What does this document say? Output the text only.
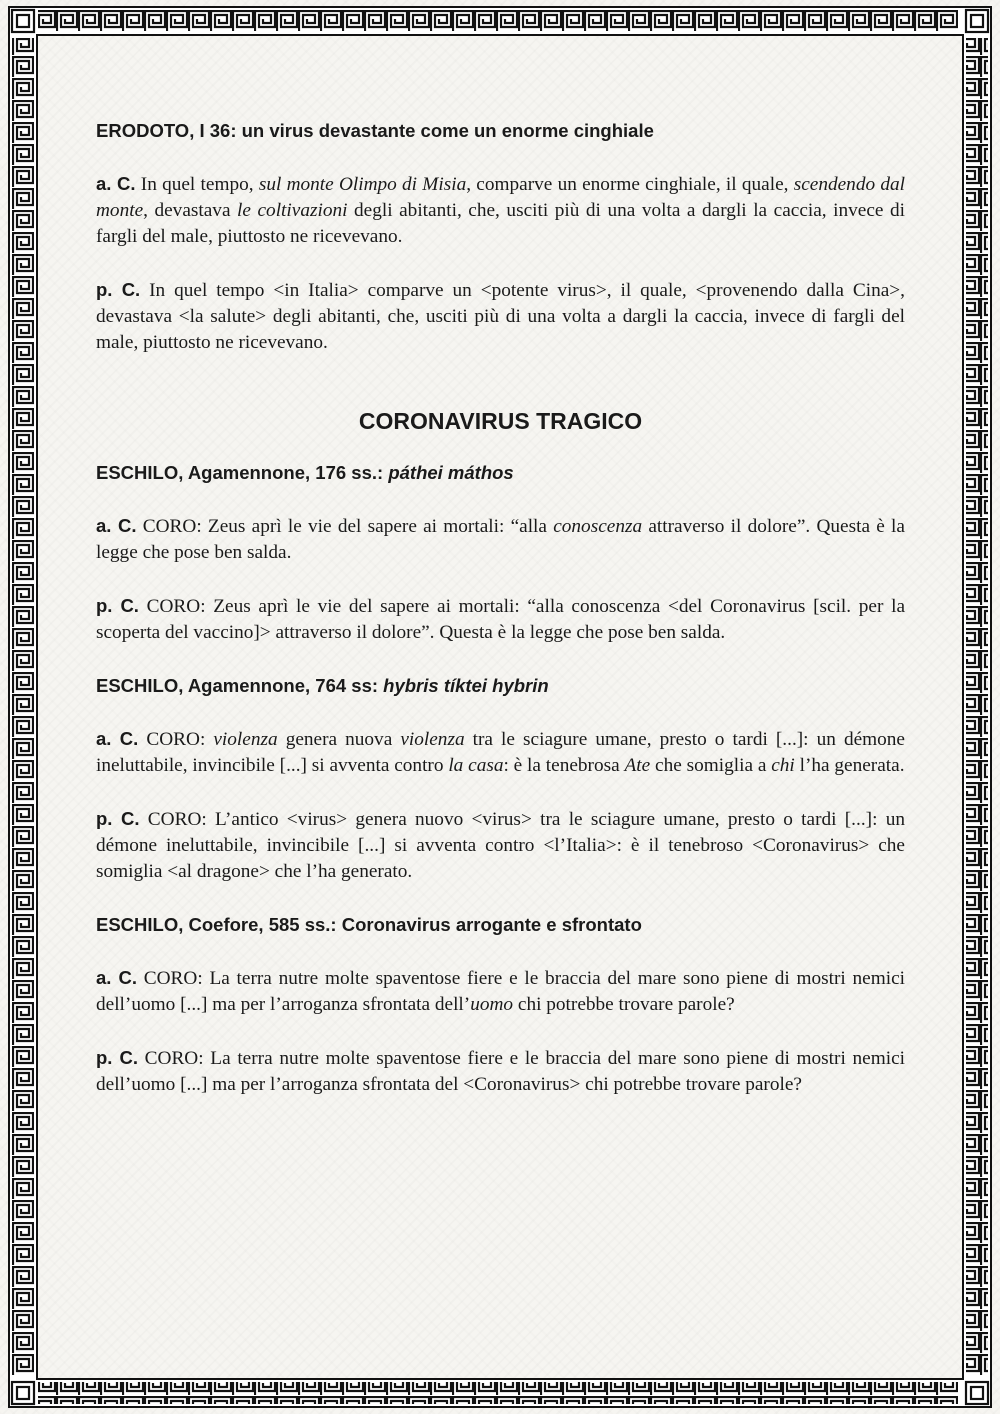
ERODOTO, I 36: un virus devastante come un enorme cinghiale

a. C. In quel tempo, sul monte Olimpo di Misia, comparve un enorme cinghiale, il quale, scendendo dal monte, devastava le coltivazioni degli abitanti, che, usciti più di una volta a dargli la caccia, invece di fargli del male, piuttosto ne ricevevano.

p. C. In quel tempo <in Italia> comparve un <potente virus>, il quale, <provenendo dalla Cina>, devastava <la salute> degli abitanti, che, usciti più di una volta a dargli la caccia, invece di fargli del male, piuttosto ne ricevevano.

CORONAVIRUS TRAGICO

ESCHILO, Agamennone, 176 ss.: páthei máthos

a. C. CORO: Zeus aprì le vie del sapere ai mortali: “alla conoscenza attraverso il dolore”. Questa è la legge che pose ben salda.

p. C. CORO: Zeus aprì le vie del sapere ai mortali: “alla conoscenza <del Coronavirus [scil. per la scoperta del vaccino]> attraverso il dolore”. Questa è la legge che pose ben salda.

ESCHILO, Agamennone, 764 ss: hybris tíktei hybrin

a. C. CORO: violenza genera nuova violenza tra le sciagure umane, presto o tardi [...]: un démone ineluttabile, invincibile [...] si avventa contro la casa: è la tenebrosa Ate che somiglia a chi l’ha generata.

p. C. CORO: L’antico <virus> genera nuovo <virus> tra le sciagure umane, presto o tardi [...]: un démone ineluttabile, invincibile [...] si avventa contro <l’Italia>: è il tenebroso <Coronavirus> che somiglia <al dragone> che l’ha generato.

ESCHILO, Coefore, 585 ss.: Coronavirus arrogante e sfrontato

a. C. CORO: La terra nutre molte spaventose fiere e le braccia del mare sono piene di mostri nemici dell’uomo [...] ma per l’arroganza sfrontata dell’uomo chi potrebbe trovare parole?

p. C. CORO: La terra nutre molte spaventose fiere e le braccia del mare sono piene di mostri nemici dell’uomo [...] ma per l’arroganza sfrontata del <Coronavirus> chi potrebbe trovare parole?
